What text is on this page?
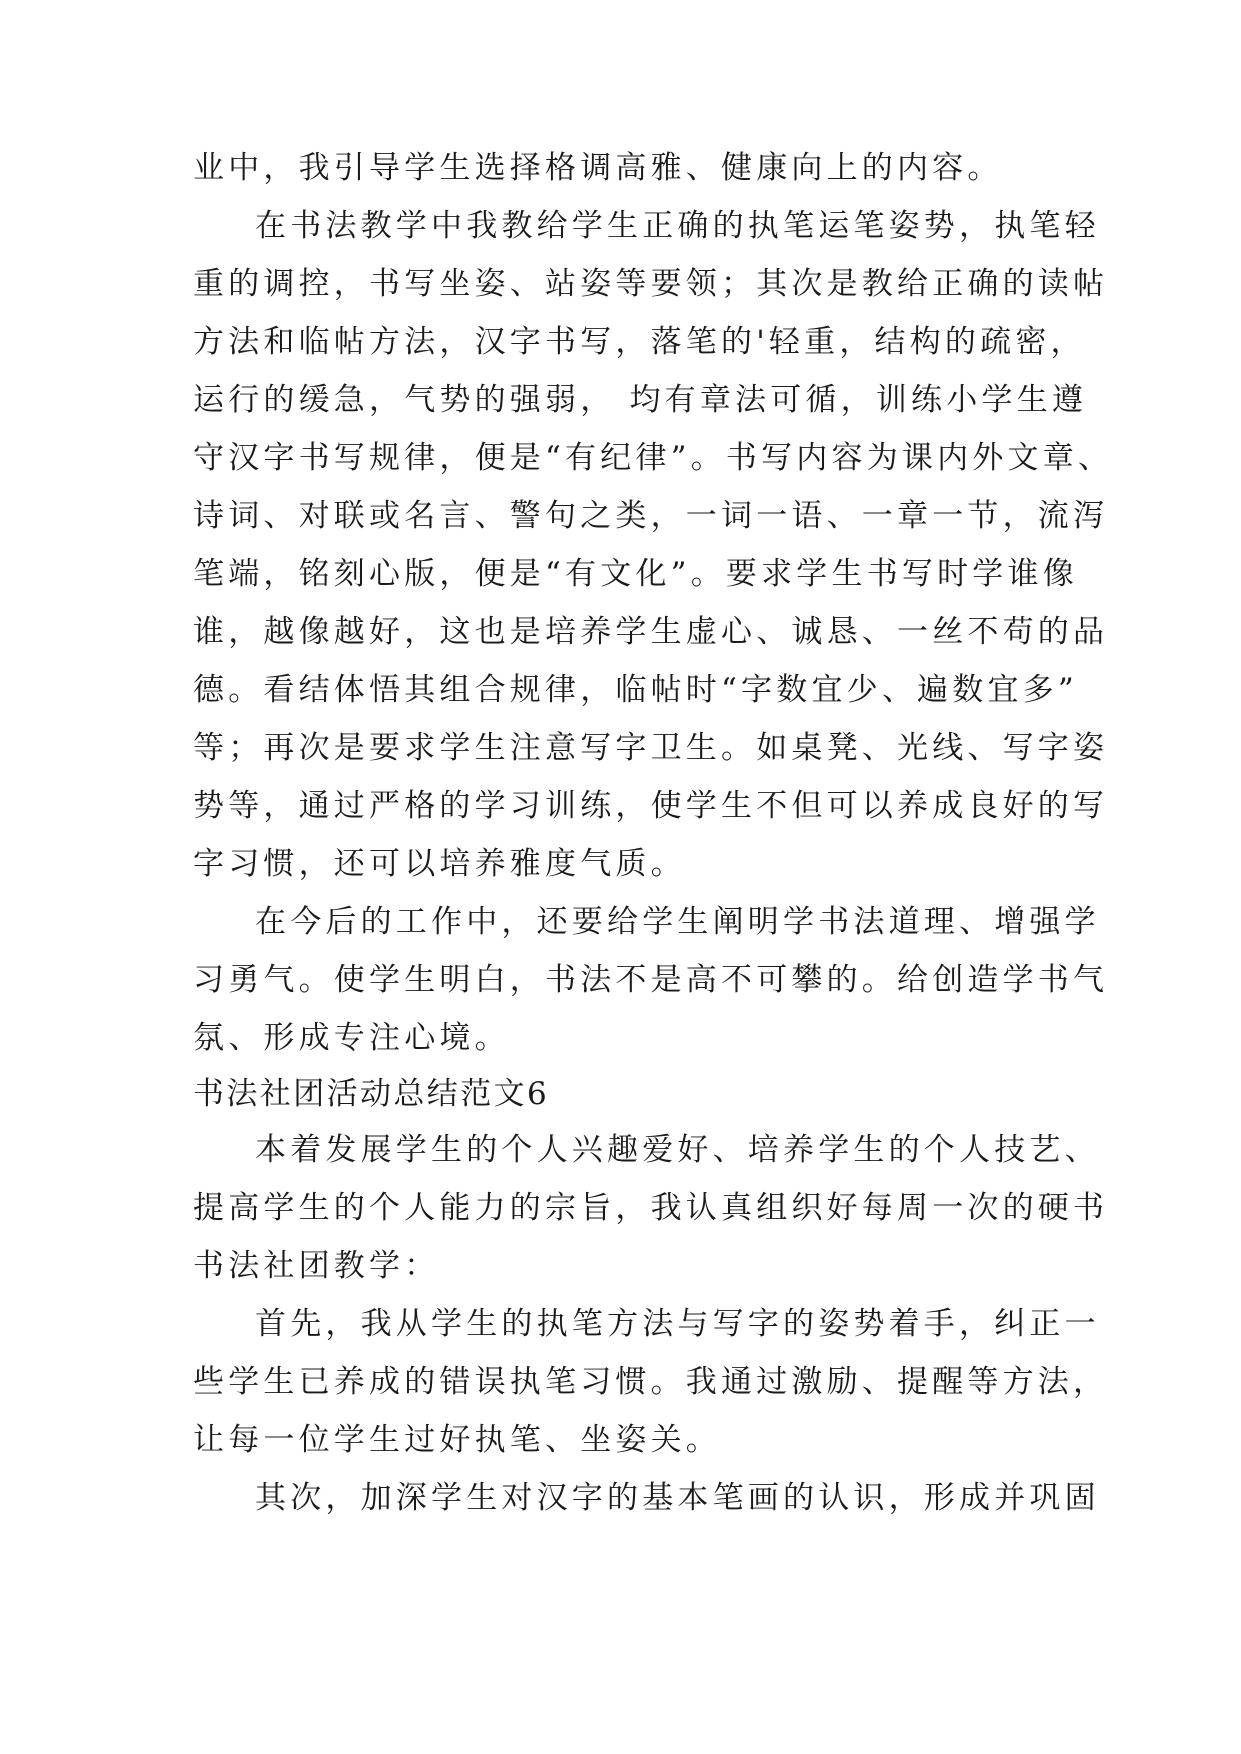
业中，我引导学生选择格调高雅、健康向上的内容。
在书法教学中我教给学生正确的执笔运笔姿势，执笔轻
重的调控，书写坐姿、站姿等要领；其次是教给正确的读帖
方法和临帖方法，汉字书写，落笔的'轻重，结构的疏密，
运行的缓急，气势的强弱， 均有章法可循，训练小学生遵
守汉字书写规律，便是“有纪律”。书写内容为课内外文章、
诗词、对联或名言、警句之类，一词一语、一章一节，流泻
笔端，铭刻心版，便是“有文化”。要求学生书写时学谁像
谁，越像越好，这也是培养学生虚心、诚恳、一丝不苟的品
德。看结体悟其组合规律，临帖时“字数宜少、遍数宜多”
等；再次是要求学生注意写字卫生。如桌凳、光线、写字姿
势等，通过严格的学习训练，使学生不但可以养成良好的写
字习惯，还可以培养雅度气质。
在今后的工作中，还要给学生阐明学书法道理、增强学
习勇气。使学生明白，书法不是高不可攀的。给创造学书气
氛、形成专注心境。
书法社团活动总结范文6
本着发展学生的个人兴趣爱好、培养学生的个人技艺、
提高学生的个人能力的宗旨，我认真组织好每周一次的硬书
书法社团教学：
首先，我从学生的执笔方法与写字的姿势着手，纠正一
些学生已养成的错误执笔习惯。我通过激励、提醒等方法，
让每一位学生过好执笔、坐姿关。
其次，加深学生对汉字的基本笔画的认识，形成并巩固
